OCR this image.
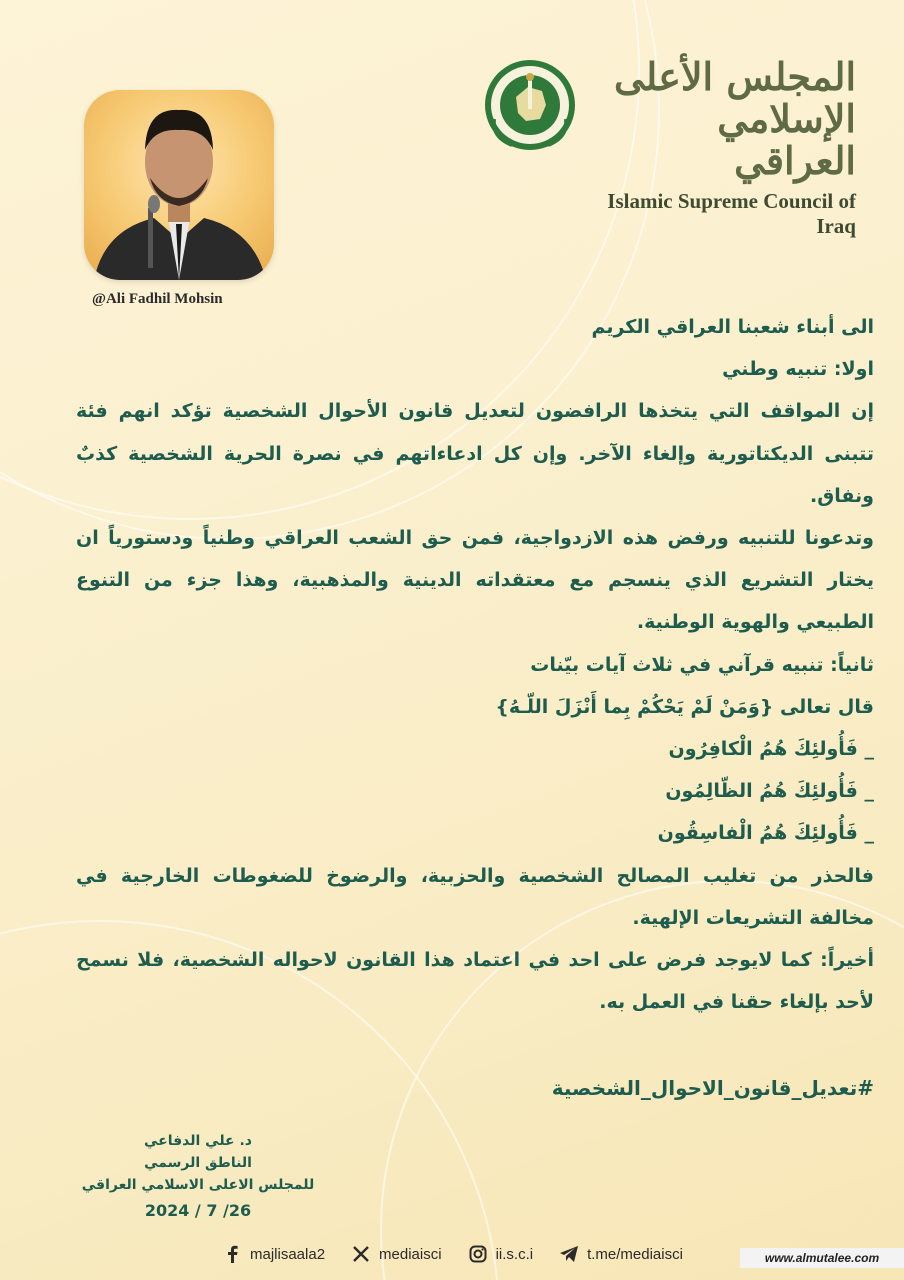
المجلس الأعلى الإسلامي العراقي
Islamic Supreme Council of Iraq
@Ali Fadhil Mohsin

الى أبناء شعبنا العراقي الكريم

اولا: تنبيه وطني

إن المواقف التي يتخذها الرافضون لتعديل قانون الأحوال الشخصية تؤكد انهم فئة تتبنى الديكتاتورية وإلغاء الآخر. وإن كل ادعاءاتهم في نصرة الحرية الشخصية كذبٌ ونفاق.

وتدعونا للتنبيه ورفض هذه الازدواجية، فمن حق الشعب العراقي وطنياً ودستورياً ان يختار التشريع الذي ينسجم مع معتقداته الدينية والمذهبية، وهذا جزء من التنوع الطبيعي والهوية الوطنية.

ثانياً: تنبيه قرآني في ثلاث آيات بيّنات

قال تعالى {وَمَنْ لَمْ يَحْكُمْ بِما أَنْزَلَ اللّـهُ}

_ فَأُولئِكَ هُمُ الْكافِرُون

_ فَأُولئِكَ هُمُ الظّالِمُون

_ فَأُولئِكَ هُمُ الْفاسِقُون

فالحذر من تغليب المصالح الشخصية والحزبية، والرضوخ للضغوطات الخارجية في مخالفة التشريعات الإلهية.

أخيراً: كما لايوجد فرض على احد في اعتماد هذا القانون لاحواله الشخصية، فلا نسمح لأحد بإلغاء حقنا في العمل به.

#تعديل_قانون_الاحوال_الشخصية
د. علي الدفاعي
الناطق الرسمي
للمجلس الاعلى الاسلامي العراقي
2024 / 7 /26
majlisaala2	mediaisci	ii.s.c.i	t.me/mediaisci	www.almutalee.com
